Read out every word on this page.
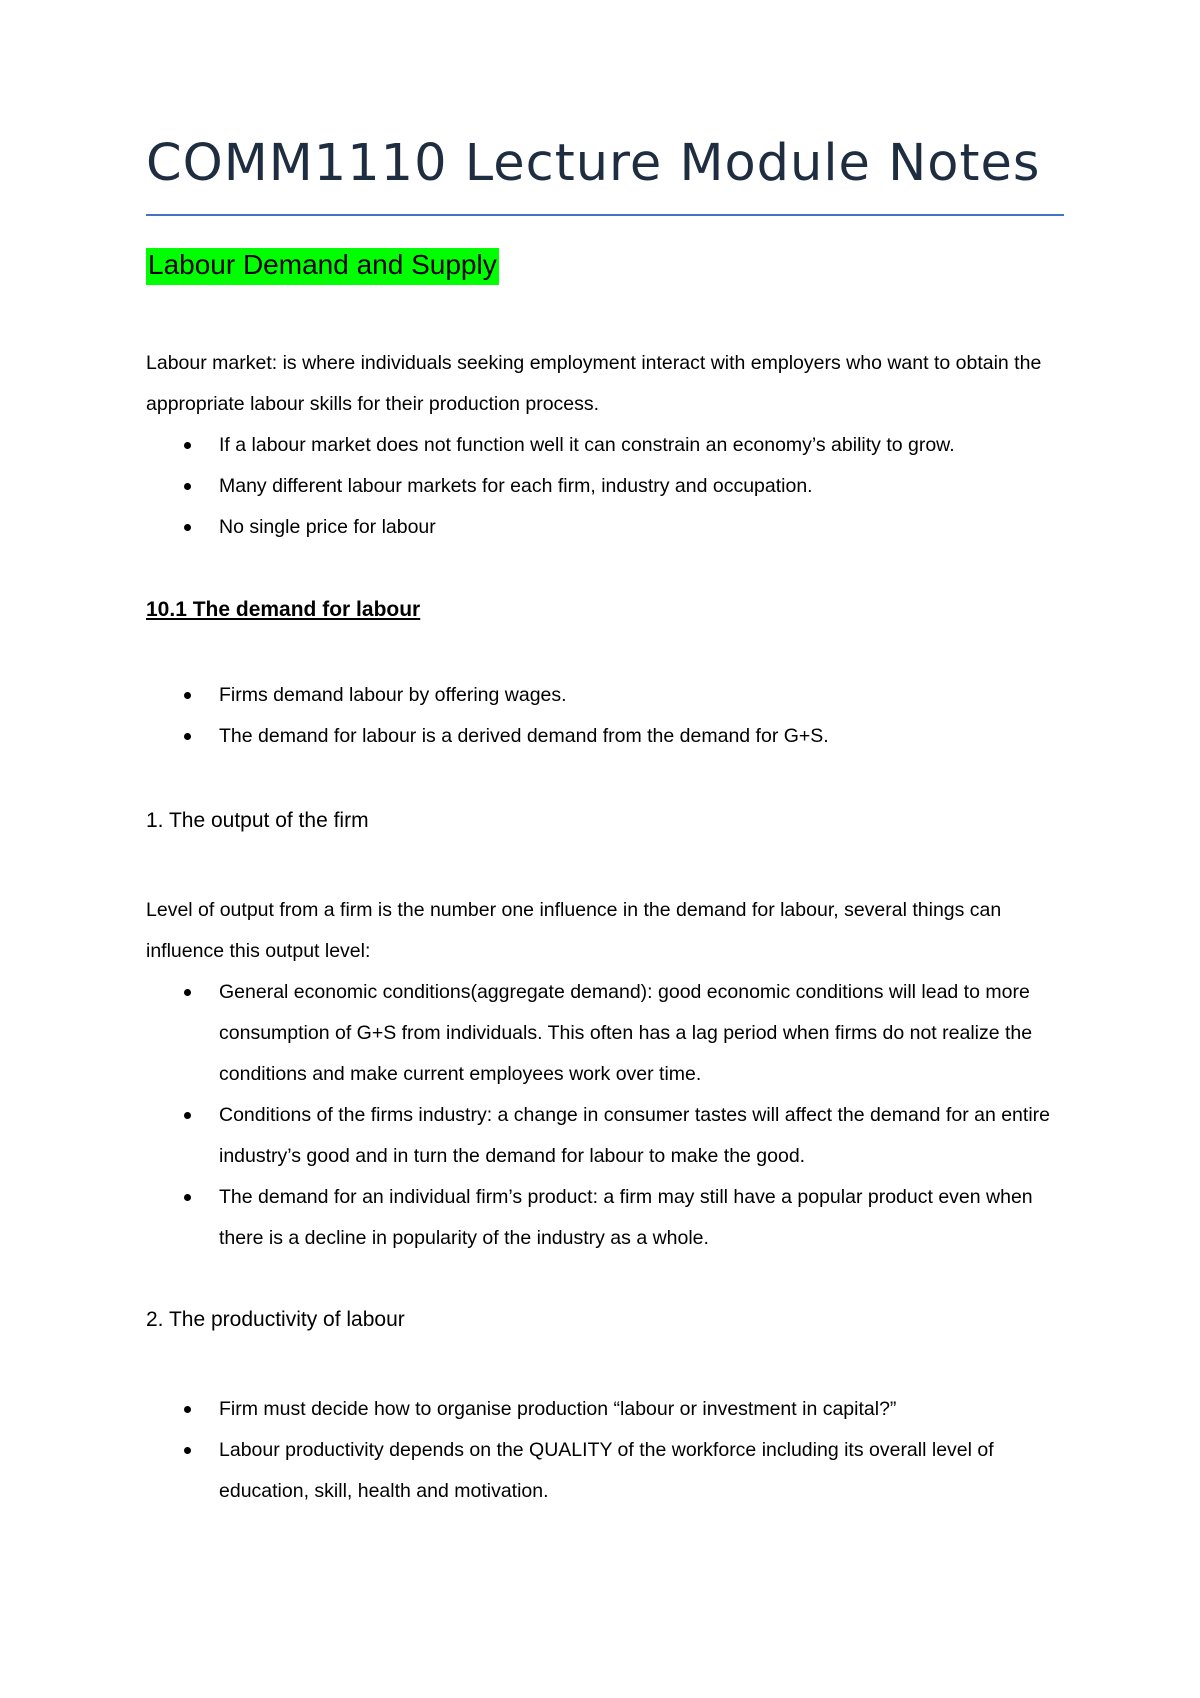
COMM1110 Lecture Module Notes
Labour Demand and Supply

Labour market: is where individuals seeking employment interact with employers who want to obtain the appropriate labour skills for their production process.

If a labour market does not function well it can constrain an economy’s ability to grow.
Many different labour markets for each firm, industry and occupation.
No single price for labour
10.1 The demand for labour
Firms demand labour by offering wages.
The demand for labour is a derived demand from the demand for G+S.
1. The output of the firm

Level of output from a firm is the number one influence in the demand for labour, several things can influence this output level:

General economic conditions(aggregate demand): good economic conditions will lead to more consumption of G+S from individuals. This often has a lag period when firms do not realize the conditions and make current employees work over time.
Conditions of the firms industry: a change in consumer tastes will affect the demand for an entire industry’s good and in turn the demand for labour to make the good.
The demand for an individual firm’s product: a firm may still have a popular product even when there is a decline in popularity of the industry as a whole.
2. The productivity of labour
Firm must decide how to organise production “labour or investment in capital?”
Labour productivity depends on the QUALITY of the workforce including its overall level of education, skill, health and motivation.
